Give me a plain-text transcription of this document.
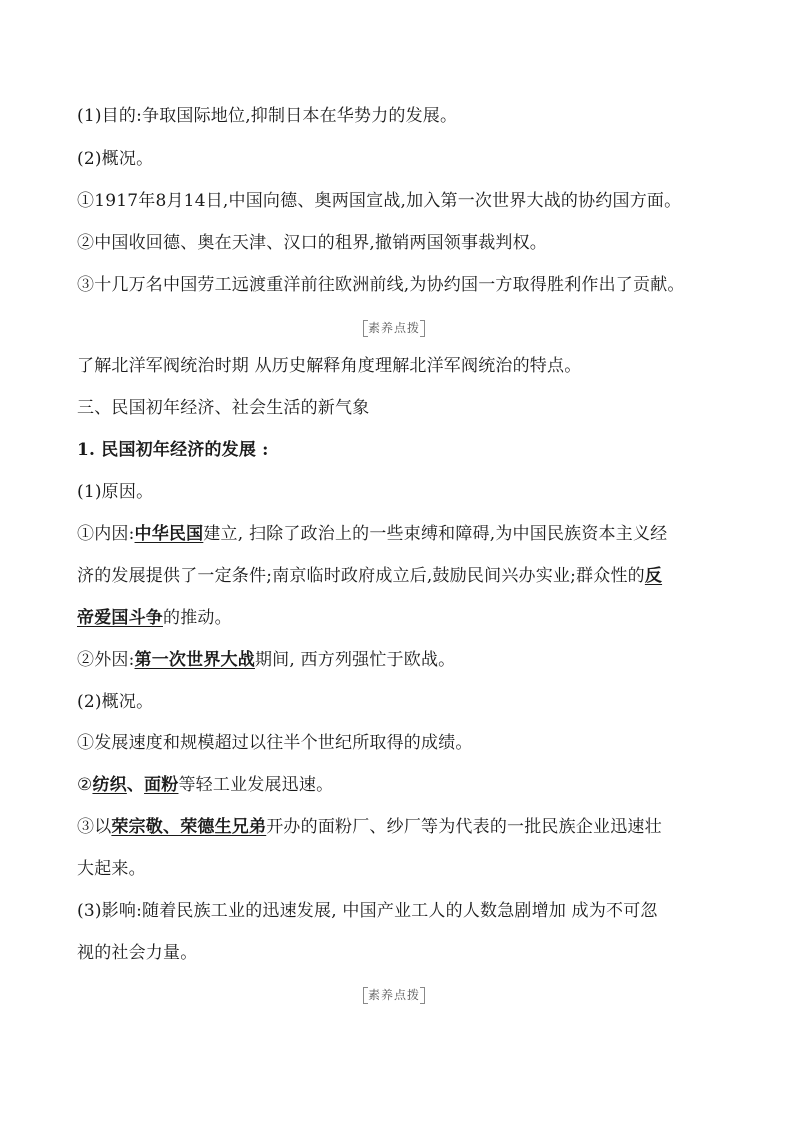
(1)目的:争取国际地位,抑制日本在华势力的发展。
(2)概况。
①1917年8月14日,中国向德、奥两国宣战,加入第一次世界大战的协约国方面。
②中国收回德、奥在天津、汉口的租界,撤销两国领事裁判权。
③十几万名中国劳工远渡重洋前往欧洲前线,为协约国一方取得胜利作出了贡献。
素养点拨
了解北洋军阀统治时期 从历史解释角度理解北洋军阀统治的特点。
三、民国初年经济、社会生活的新气象
1. 民国初年经济的发展 :
(1)原因。
①内因:中华民国建立, 扫除了政治上的一些束缚和障碍,为中国民族资本主义经
济的发展提供了一定条件;南京临时政府成立后,鼓励民间兴办实业;群众性的反
帝爱国斗争的推动。
②外因:第一次世界大战期间, 西方列强忙于欧战。
(2)概况。
①发展速度和规模超过以往半个世纪所取得的成绩。
②纺织、面粉等轻工业发展迅速。
③以荣宗敬、荣德生兄弟开办的面粉厂、纱厂等为代表的一批民族企业迅速壮
大起来。
(3)影响:随着民族工业的迅速发展, 中国产业工人的人数急剧增加 成为不可忽
视的社会力量。
素养点拨
